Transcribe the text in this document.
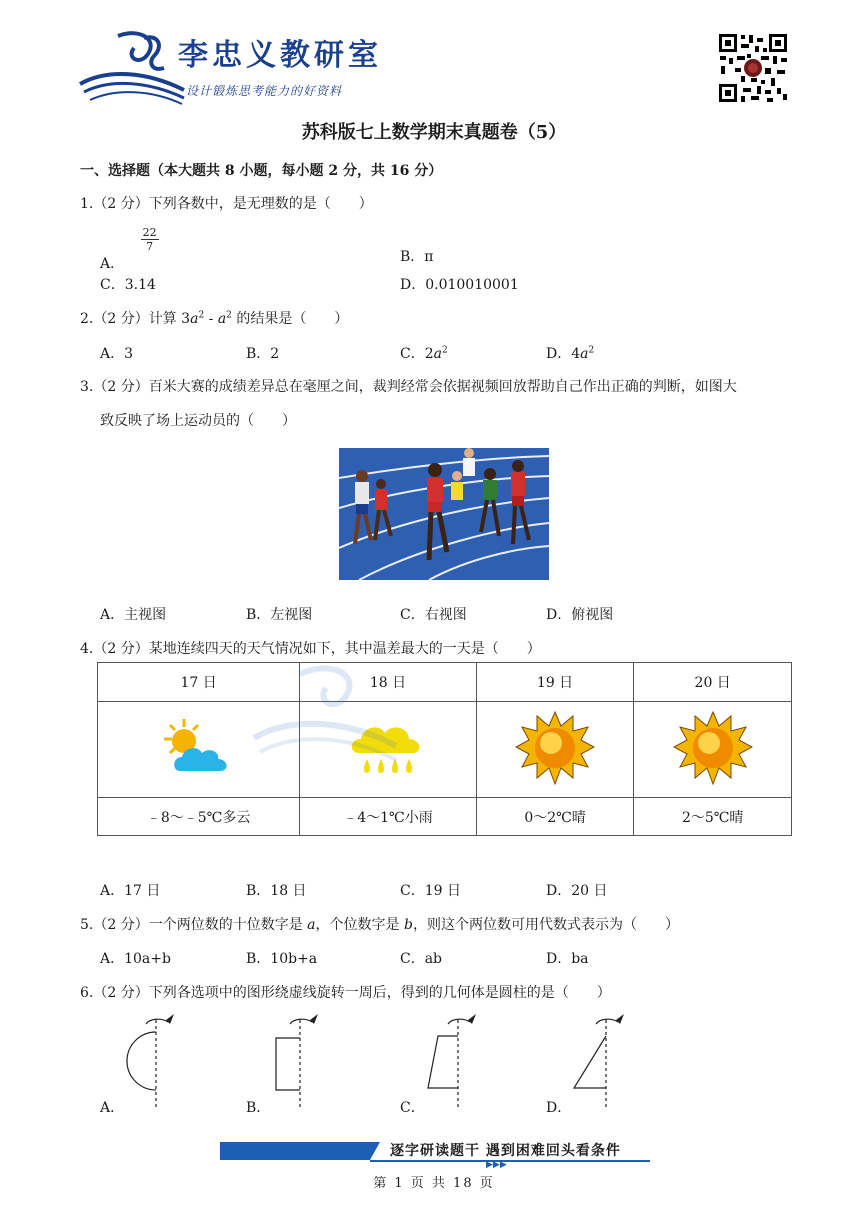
李忠义教研室
设计锻炼思考能力的好资料
苏科版七上数学期末真题卷（5）
一、选择题（本大题共 8 小题，每小题 2 分，共 16 分）
1.（2 分）下列各数中，是无理数的是（　　）
A．
$\frac{22}{7}$
B．π
C．3.14	D．0.010010001
2.（2 分）计算 $3a^2 - a^2$ 的结果是（　　）
A．3	B．2	C．$2a^2$	D．$4a^2$
3.（2 分）百米大赛的成绩差异总在毫厘之间，裁判经常会依据视频回放帮助自己作出正确的判断，如图大
致反映了场上运动员的（　　）
A．主视图	B．左视图	C．右视图	D．俯视图
4.（2 分）某地连续四天的天气情况如下，其中温差最大的一天是（　　）
17 日	18 日	19 日	20 日

﹣8～﹣5℃多云	﹣4～1℃小雨	0～2℃晴	2～5℃晴
A．17 日	B．18 日	C．19 日	D．20 日
5.（2 分）一个两位数的十位数字是 a，个位数字是 b，则这个两位数可用代数式表示为（　　）
A．10a+b	B．10b+a	C．ab	D．ba
6.（2 分）下列各选项中的图形绕虚线旋转一周后，得到的几何体是圆柱的是（　　）
A．	B．	C．	D．
逐字研读题干 遇到困难回头看条件
▶▶▶
第 1 页 共 18 页
